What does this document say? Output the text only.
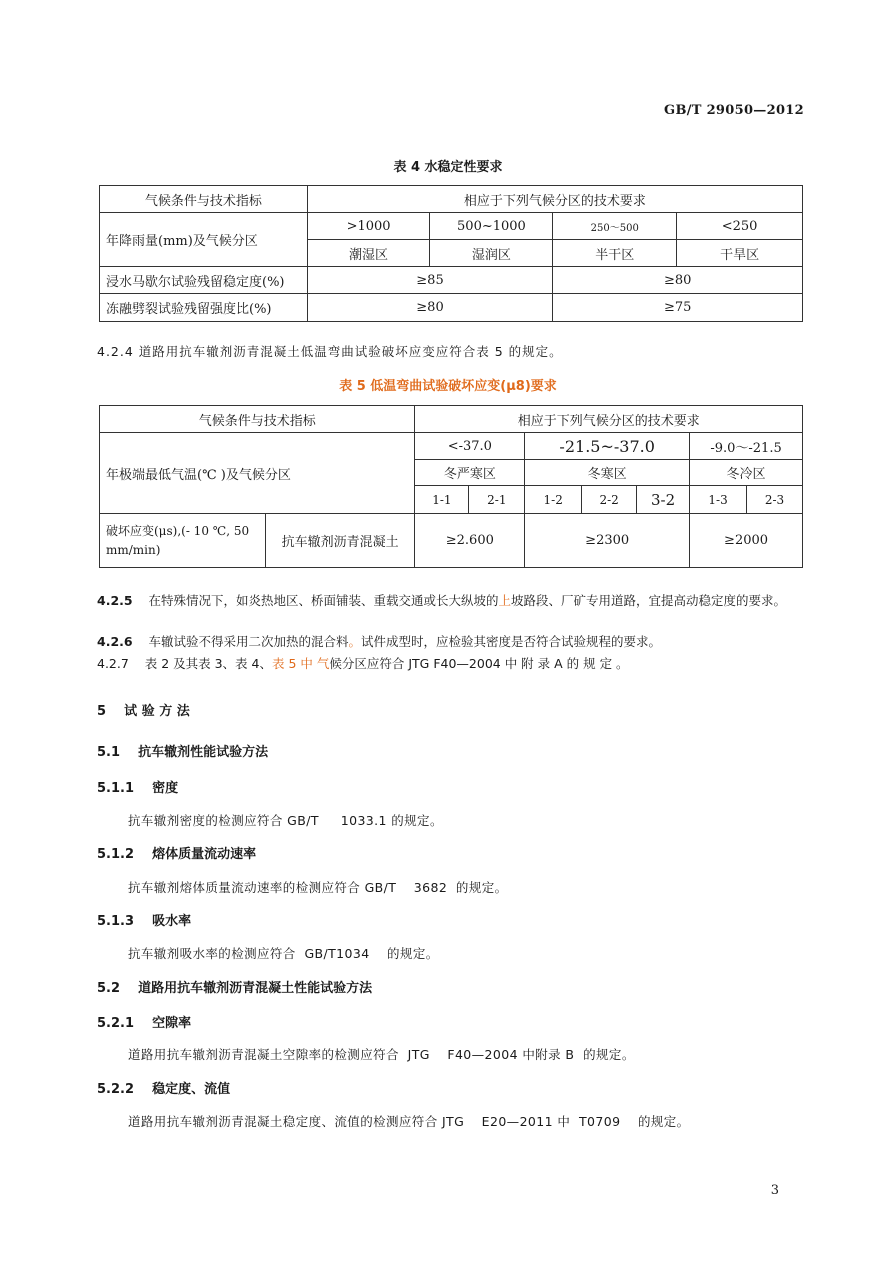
GB/T 29050—2012
表 4 水稳定性要求
气候条件与技术指标	相应于下列气候分区的技术要求			
年降雨量(mm)及气候分区	>1000	500~1000	250～500	<250
	潮湿区	湿润区	半干区	干旱区
浸水马歇尔试验残留稳定度(%)	≥85		≥80	
冻融劈裂试验残留强度比(%)	≥80		≥75	
4.2.4 道路用抗车辙剂沥青混凝土低温弯曲试验破坏应变应符合表 5 的规定。
表 5 低温弯曲试验破坏应变(μ8)要求
气候条件与技术指标		相应于下列气候分区的技术要求						
年极端最低气温(℃ )及气候分区		<-37.0		-21.5~-37.0			-9.0～-21.5	
		冬严寒区		冬寒区			冬冷区	
		1-1	2-1	1-2	2-2	3-2	1-3	2-3
破坏应变(μs),(- 10 ℃, 50 mm/min)	抗车辙剂沥青混凝土	≥2.600		≥2300			≥2000	
4.2.5 在特殊情况下，如炎热地区、桥面铺装、重载交通或长大纵坡的上坡路段、厂矿专用道路，宜提高动稳定度的要求。
4.2.6 车辙试验不得采用二次加热的混合料。试件成型时，应检验其密度是否符合试验规程的要求。
4.2.7 表 2 及其表 3、表 4、表 5 中 气候分区应符合 JTG F40—2004 中 附 录 A 的 规 定 。
5    试 验 方 法
5.1    抗车辙剂性能试验方法
5.1.1    密度
抗车辙剂密度的检测应符合 GB/T     1033.1 的规定。
5.1.2    熔体质量流动速率
抗车辙剂熔体质量流动速率的检测应符合 GB/T    3682  的规定。
5.1.3    吸水率
抗车辙剂吸水率的检测应符合  GB/T1034    的规定。
5.2    道路用抗车辙剂沥青混凝土性能试验方法
5.2.1    空隙率
道路用抗车辙剂沥青混凝土空隙率的检测应符合  JTG    F40—2004 中附录 B  的规定。
5.2.2    稳定度、流值
道路用抗车辙剂沥青混凝土稳定度、流值的检测应符合 JTG    E20—2011 中  T0709    的规定。
3
